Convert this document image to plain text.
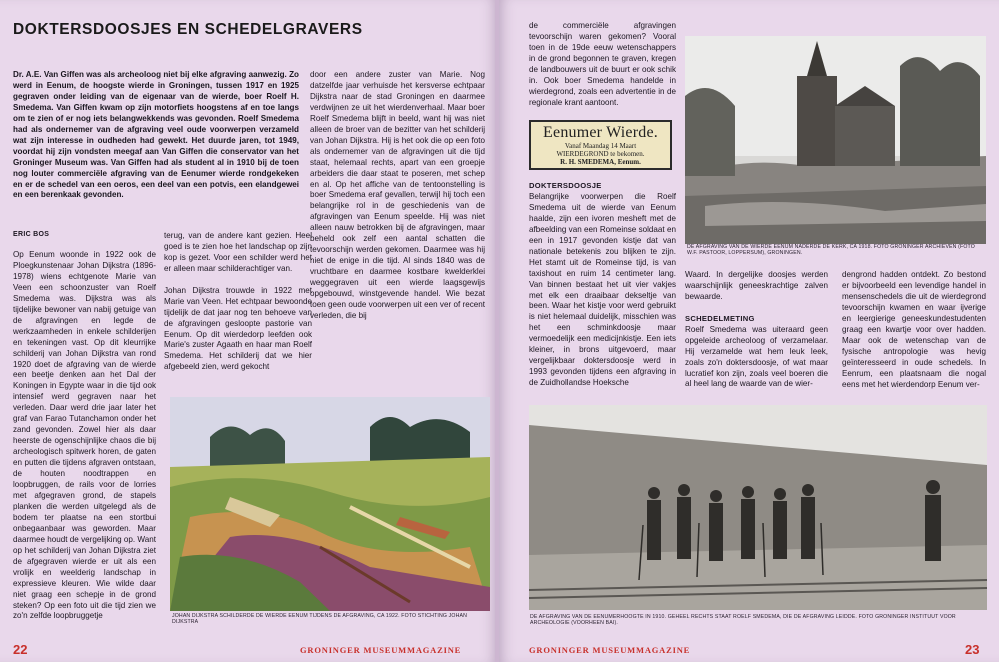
DOKTERSDOOSJES EN SCHEDELGRAVERS
Dr. A.E. Van Giffen was als archeoloog niet bij elke afgraving aanwezig. Zo werd in Eenum, de hoogste wierde in Groningen, tussen 1917 en 1925 gegraven onder leiding van de eigenaar van de wierde, boer Roelf H. Smedema. Van Giffen kwam op zijn motorfiets hoogstens af en toe langs om te zien of er nog iets belangwekkends was gevonden. Roelf Smedema had als ondernemer van de afgraving veel oude voorwerpen verzameld wat zijn interesse in oudheden had gewekt. Het duurde jaren, tot 1949, voordat hij zijn vondsten meegaf aan Van Giffen die conservator van het Groninger Museum was. Van Giffen had als student al in 1910 bij de toen nog louter commerciële afgraving van de Eenumer wierde rondgekeken en er de schedel van een oeros, een deel van een potvis, een elandgewei en een berenkaak gevonden.
door een andere zuster van Marie. Nog datzelfde jaar verhuisde het kersverse echtpaar Dijkstra naar de stad Groningen en daarmee verdwijnen ze uit het wierdenverhaal. Maar boer Roelf Smedema blijft in beeld, want hij was niet alleen de broer van de bezitter van het schilderij van Johan Dijkstra. Hij is het ook die op een foto als ondernemer van de afgravingen uit die tijd staat, helemaal rechts, apart van een groepje arbeiders die daar staat te poseren, met schep en al. Op het affiche van de tentoonstelling is boer Smedema eraf gevallen, terwijl hij toch een belangrijke rol in de geschiedenis van de afgravingen van Eenum speelde. Hij was niet alleen nauw betrokken bij de afgravingen, maar beheld ook zelf een aantal schatten die tevoorschijn werden gekomen. Daarmee was hij niet de enige in die tijd. Al sinds 1840 was de vruchtbare en daarmee kostbare kwelderklei weggegraven uit een wierde laagsgewijs opgebouwd, winstgevende handel. Wie bezat toen geen oude voorwerpen uit een ver of recent verleden, die bij
ERIC BOS
Op Eenum woonde in 1922 ook de Ploegkunstenaar Johan Dijkstra (1896-1978) wiens echtgenote Marie van Veen een schoonzuster van Roelf Smedema was. Dijkstra was als tijdelijke bewoner van nabij getuige van de afgravingen en legde de werkzaamheden in enkele schilderijen en tekeningen vast. Op dit kleurrijke schilderij van Johan Dijkstra van rond 1920 doet de afgraving van de wierde een beetje denken aan het Dal der Koningen in Egypte waar in die tijd ook intensief werd gegraven naar het verleden. Daar werd drie jaar later het graf van Farao Tutanchamon onder het zand gevonden. Zowel hier als daar heerste de ogenschijnlijke chaos die bij archeologisch spitwerk horen, de gaten en putten die tijdens afgraven ontstaan, de houten noodtrappen en loopbruggen, de rails voor de lorries met afgegraven grond, de stapels planken die werden uitgelegd als de bodem ter plaatse na een stortbui onbegaanbaar was geworden. Maar daarmee houdt de vergelijking op. Want op het schilderij van Johan Dijkstra ziet de afgegraven wierde er uit als een vrolijk en weelderig landschap in expressieve kleuren. Wie wilde daar niet graag een schepje in de grond steken? Op een foto uit die tijd zien we zo'n zelfde loopbruggetje

terug, van de andere kant gezien. Heel goed is te zien hoe het landschap op zijn kop is gezet. Voor een schilder werd het er alleen maar schilderachtiger van.

Johan Dijkstra trouwde in 1922 met Marie van Veen. Het echtpaar bewoonde tijdelijk de dat jaar nog ten behoeve van de afgravingen gesloopte pastorie van Eenum. Op dit wierdedorp leefden ook Marie's zuster Agaath en haar man Roelf Smedema. Het schilderij dat we hier afgebeeld zien, werd gekocht

JOHAN DIJKSTRA SCHILDERDE DE WIERDE EENUM TIJDENS DE AFGRAVING, CA 1922. FOTO STICHTING JOHAN DIJKSTRA
22	GRONINGER MUSEUMMAGAZINE
de commerciële afgravingen tevoorschijn waren gekomen? Vooral toen in de 19de eeuw wetenschappers in de grond begonnen te graven, kregen de landbouwers uit de buurt er ook schik in. Ook boer Smedema handelde in wierdegrond, zoals een advertentie in de regionale krant aantoont.
Eenumer Wierde.
Vanaf Maandag 14 Maart
WIERDEGROND te bekomen.
R. H. SMEDEMA, Eenum.
DOKTERSDOOSJE
Belangrijke voorwerpen die Roelf Smedema uit de wierde van Eenum haalde, zijn een ivoren mesheft met de afbeelding van een Romeinse soldaat en een in 1917 gevonden kistje dat van nationale betekenis zou blijken te zijn. Het stamt uit de Romeinse tijd, is van taxishout en ruim 14 centimeter lang. Van binnen bestaat het uit vier vakjes met elk een draaibaar dekseltje van been. Waar het kistje voor werd gebruikt is niet helemaal duidelijk, misschien was het een schminkdoosje maar vermoedelijk een medicijnkistje. Een iets kleiner, in brons uitgevoerd, maar vergelijkbaar doktersdoosje werd in 1993 gevonden tijdens een afgraving in de Zuidhollandse Hoeksche
DE AFGRAVING VAN DE WIERDE EENUM NADERDE DE KERK, CA 1918. FOTO GRONINGER ARCHIEVEN (FOTO W.F. PASTOOR, LOPPERSUM), GRONINGEN.

Waard. In dergelijke doosjes werden waarschijnlijk geneeskrachtige zalven bewaarde.

SCHEDELMETING
Roelf Smedema was uiteraard geen opgeleide archeoloog of verzamelaar. Hij verzamelde wat hem leuk leek, zoals zo'n doktersdoosje, of wat maar lucratief kon zijn, zoals veel boeren die al heel lang de waarde van de wier-
dengrond hadden ontdekt. Zo bestond er bijvoorbeeld een levendige handel in mensenschedels die uit de wierdegrond tevoorschijn kwamen en waar ijverige en leergierige geneeskundestudenten graag een kwartje voor over hadden. Maar ook de wetenschap van de fysische antropologie was hevig geïnteresseerd in oude schedels. In Eenrum, een plaatsnaam die nogal eens met het wierdendorp Eenum ver-
DE AFGRAVING VAN DE EENUMERHOOGTE IN 1910. GEHEEL RECHTS STAAT ROELF SMEDEMA, DIE DE AFGRAVING LEIDDE. FOTO GRONINGER INSTITUUT VOOR ARCHEOLOGIE (VOORHEEN BAI).
GRONINGER MUSEUMMAGAZINE	23
